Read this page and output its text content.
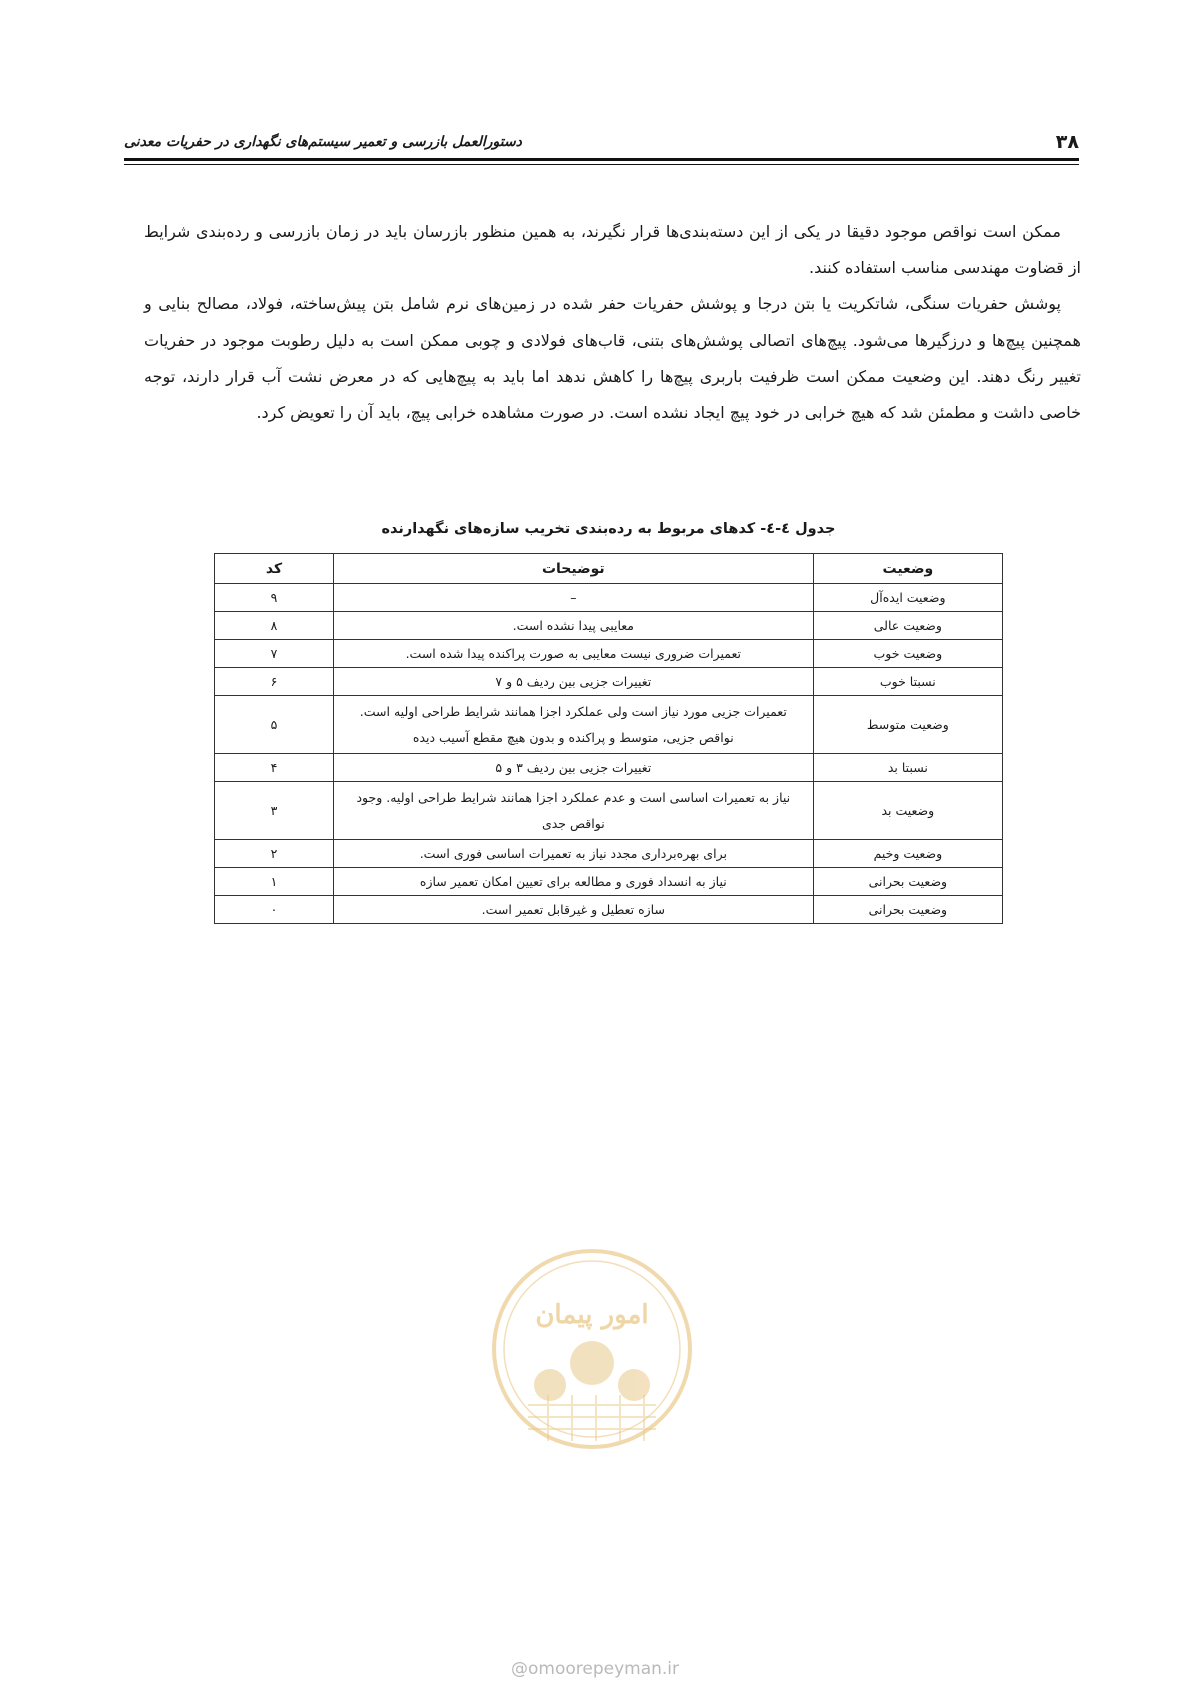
۳۸
دستورالعمل بازرسی و تعمیر سیستم‌های نگهداری در حفریات معدنی

ممکن است نواقص موجود دقیقا در یکی از این دسته‌بندی‌ها قرار نگیرند، به همین منظور بازرسان باید در زمان بازرسی و رده‌بندی شرایط از قضاوت مهندسی مناسب استفاده کنند.

پوشش حفریات سنگی، شاتکریت یا بتن درجا و پوشش حفریات حفر شده در زمین‌های نرم شامل بتن پیش‌ساخته، فولاد، مصالح بنایی و همچنین پیچ‌ها و درزگیرها می‌شود. پیچ‌های اتصالی پوشش‌های بتنی، قاب‌های فولادی و چوبی ممکن است به دلیل رطوبت موجود در حفریات تغییر رنگ دهند. این وضعیت ممکن است ظرفیت باربری پیچ‌ها را کاهش ندهد اما باید به پیچ‌هایی که در معرض نشت آب قرار دارند، توجه خاصی داشت و مطمئن شد که هیچ خرابی در خود پیچ ایجاد نشده است. در صورت مشاهده خرابی پیچ، باید آن را تعویض کرد.

جدول ٤-٤- کدهای مربوط به رده‌بندی تخریب سازه‌های نگهدارنده
وضعیت	توضیحات	کد
وضعیت ایده‌آل	–	۹
وضعیت عالی	معایبی پیدا نشده است.	۸
وضعیت خوب	تعمیرات ضروری نیست معایبی به صورت پراکنده پیدا شده است.	۷
نسبتا خوب	تغییرات جزیی بین ردیف ۵ و ۷	۶
وضعیت متوسط	تعمیرات جزیی مورد نیاز است ولی عملکرد اجزا همانند شرایط طراحی اولیه است.
نواقص جزیی، متوسط و پراکنده و بدون هیچ مقطع آسیب دیده	۵
نسبتا بد	تغییرات جزیی بین ردیف ۳ و ۵	۴
وضعیت بد	نیاز به تعمیرات اساسی است و عدم عملکرد اجزا همانند شرایط طراحی اولیه. وجود
نواقص جدی	۳
وضعیت وخیم	برای بهره‌برداری مجدد نیاز به تعمیرات اساسی فوری است.	۲
وضعیت بحرانی	نیاز به انسداد فوری و مطالعه برای تعیین امکان تعمیر سازه	۱
وضعیت بحرانی	سازه تعطیل و غیرقابل تعمیر است.	۰
امور پیمان
@omoorepeyman.ir
